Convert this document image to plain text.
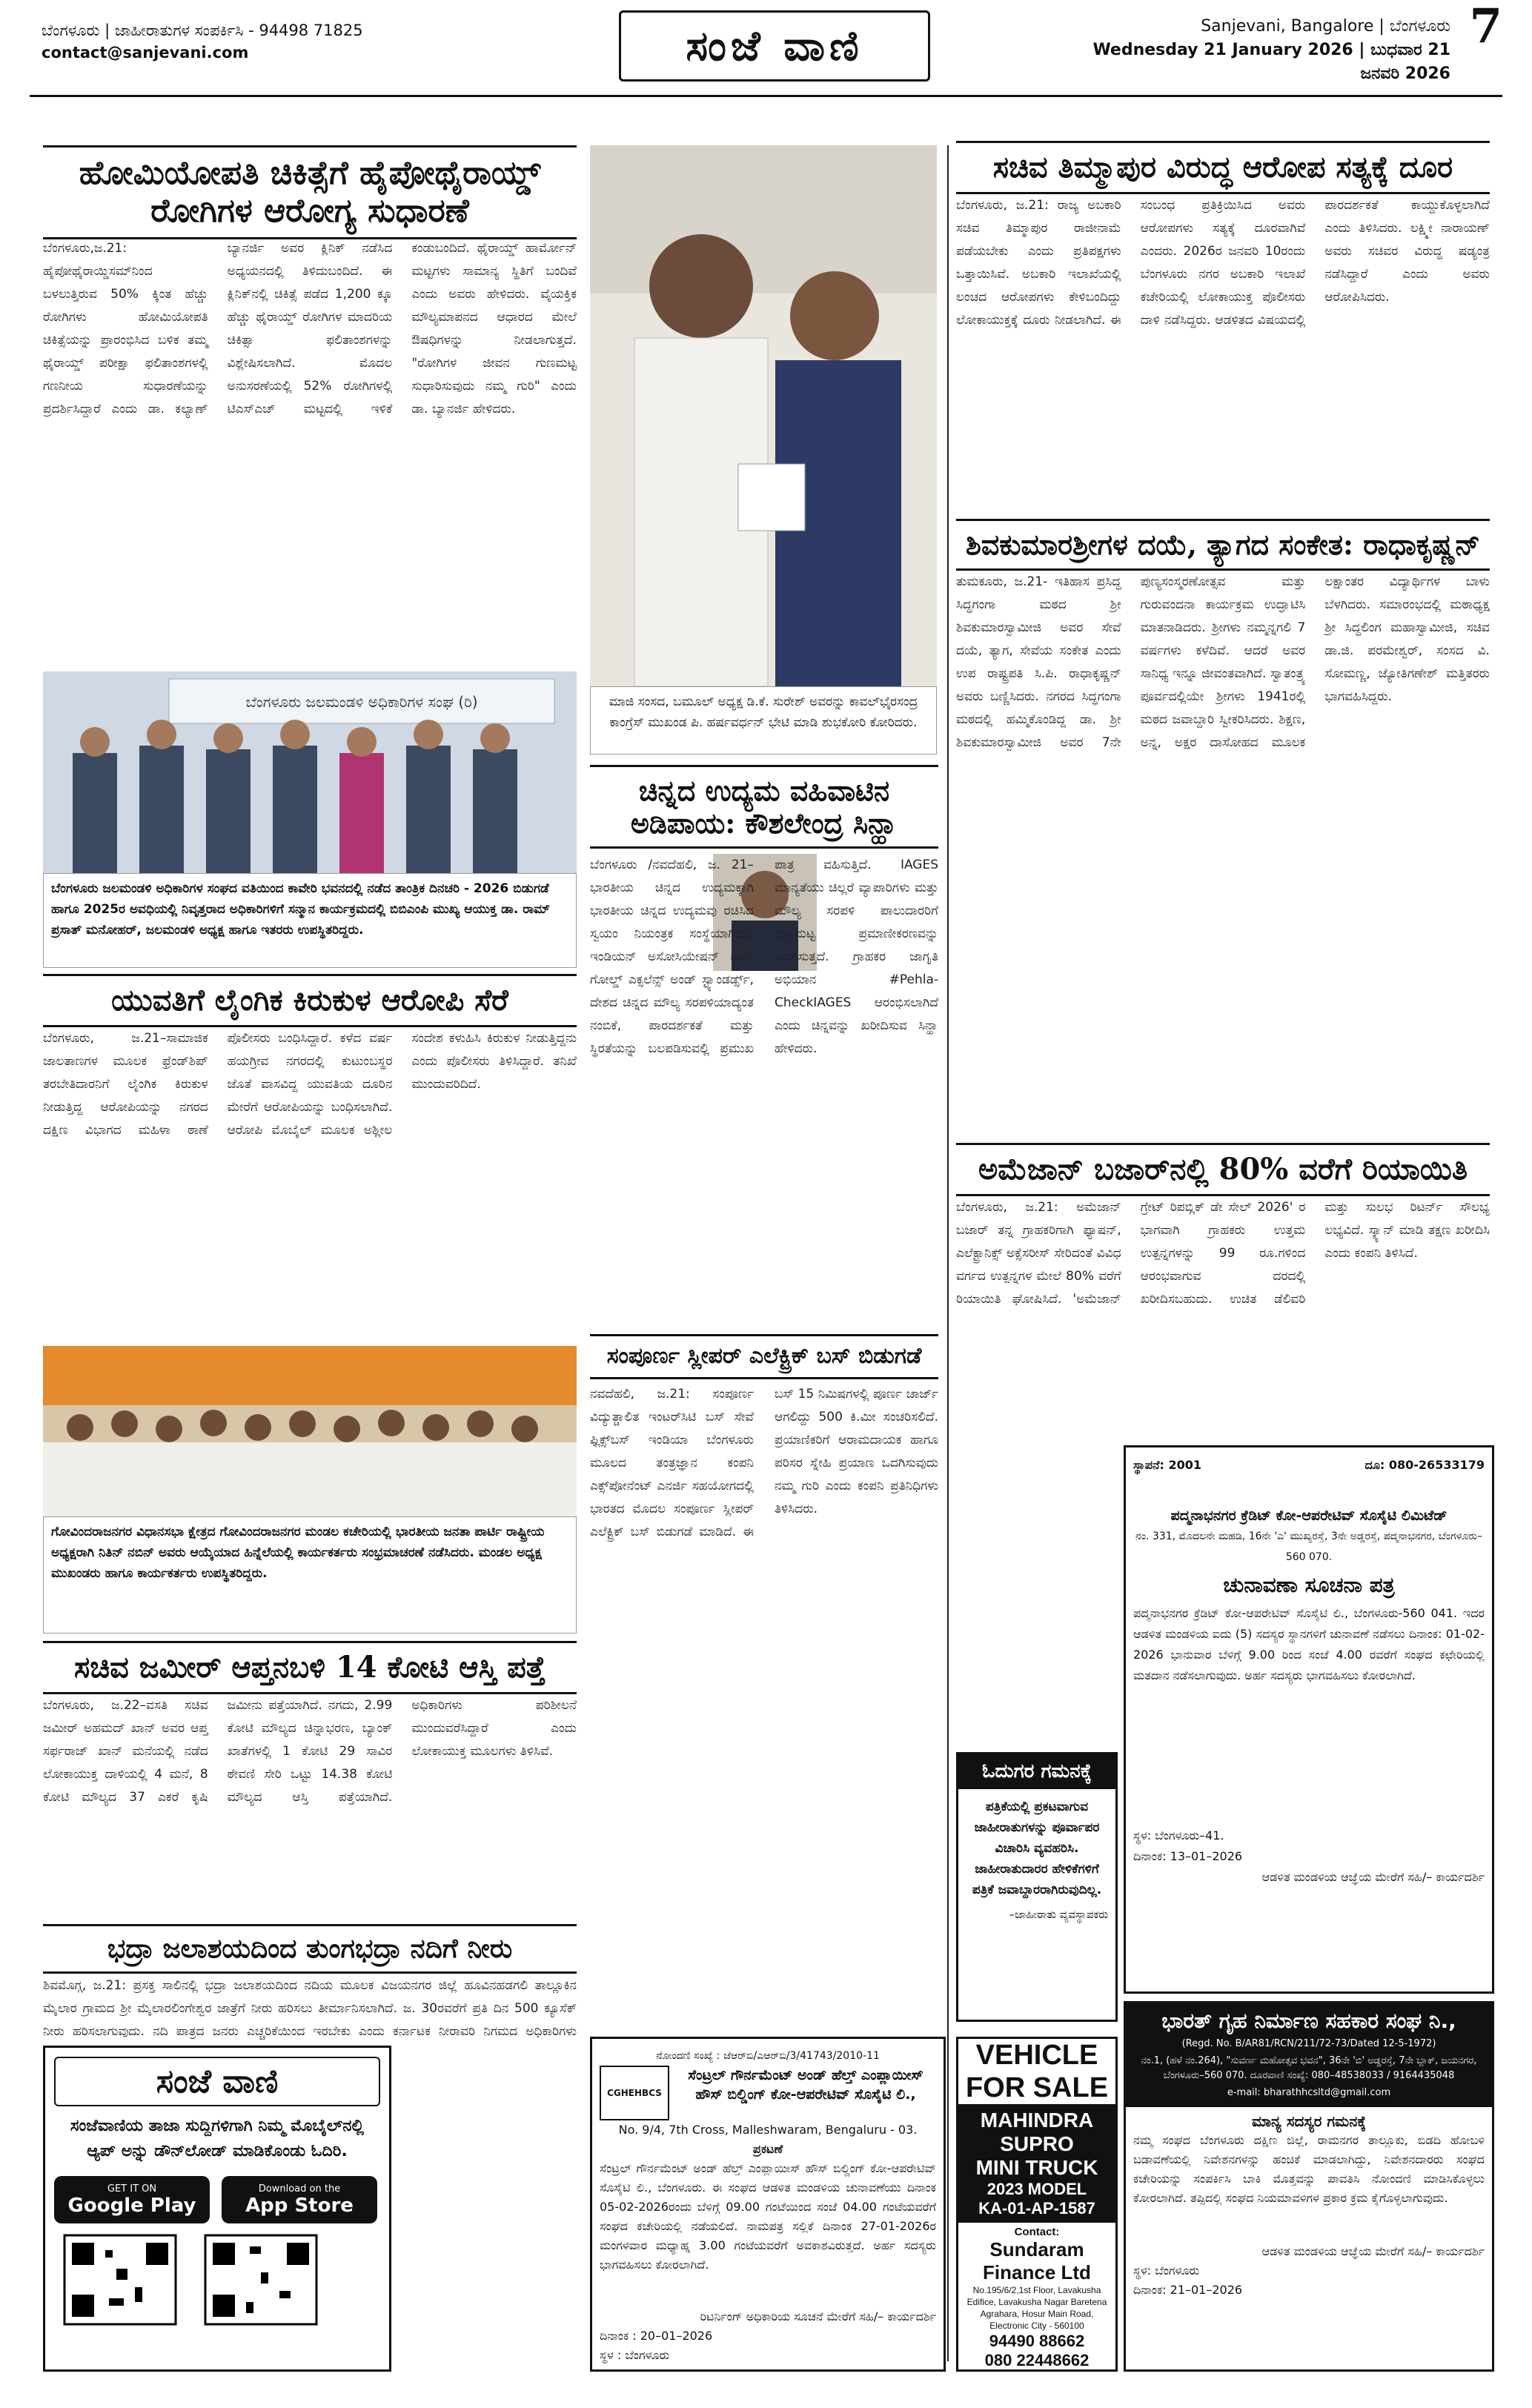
ಬೆಂಗಳೂರು | ಜಾಹೀರಾತುಗಳ ಸಂಪರ್ಕಿಸಿ - 94498 71825
contact@sanjevani.com	ಸಂಜೆ ವಾಣಿ	Sanjevani, Bangalore | ಬೆಂಗಳೂರು
Wednesday 21 January 2026 | ಬುಧವಾರ 21 ಜನವರಿ 2026
7
ಹೋಮಿಯೋಪತಿ ಚಿಕಿತ್ಸೆಗೆ ಹೈಪೋಥೈರಾಯ್ಡ್
ರೋಗಿಗಳ ಆರೋಗ್ಯ ಸುಧಾರಣೆ
ಬೆಂಗಳೂರು,ಜ.21: ಹೈಪೋಥೈರಾಯ್ಡಿಸಮ್‌ನಿಂದ ಬಳಲುತ್ತಿರುವ 50% ಕ್ಕಿಂತ ಹೆಚ್ಚು ರೋಗಿಗಳು ಹೋಮಿಯೋಪತಿ ಚಿಕಿತ್ಸೆಯನ್ನು ಪ್ರಾರಂಭಿಸಿದ ಬಳಿಕ ತಮ್ಮ ಥೈರಾಯ್ಡ್ ಪರೀಕ್ಷಾ ಫಲಿತಾಂಶಗಳಲ್ಲಿ ಗಣನೀಯ ಸುಧಾರಣೆಯನ್ನು ಪ್ರದರ್ಶಿಸಿದ್ದಾರೆ ಎಂದು ಡಾ. ಕಲ್ಯಾಣ್ ಬ್ಯಾನರ್ಜಿ ಅವರ ಕ್ಲಿನಿಕ್ ನಡೆಸಿದ ಅಧ್ಯಯನದಲ್ಲಿ ತಿಳಿದುಬಂದಿದೆ. ಈ ಕ್ಲಿನಿಕ್‌ನಲ್ಲಿ ಚಿಕಿತ್ಸೆ ಪಡೆದ 1,200 ಕ್ಕೂ ಹೆಚ್ಚು ಥೈರಾಯ್ಡ್ ರೋಗಿಗಳ ಮಾದರಿಯ ಚಿಕಿತ್ಸಾ ಫಲಿತಾಂಶಗಳನ್ನು ವಿಶ್ಲೇಷಿಸಲಾಗಿದೆ. ಮೊದಲ ಅನುಸರಣೆಯಲ್ಲಿ 52% ರೋಗಿಗಳಲ್ಲಿ ಟಿಎಸ್‌ಎಚ್ ಮಟ್ಟದಲ್ಲಿ ಇಳಿಕೆ ಕಂಡುಬಂದಿದೆ. ಥೈರಾಯ್ಡ್ ಹಾರ್ಮೋನ್ ಮಟ್ಟಗಳು ಸಾಮಾನ್ಯ ಸ್ಥಿತಿಗೆ ಬಂದಿವೆ ಎಂದು ಅವರು ಹೇಳಿದರು. ವೈಯಕ್ತಿಕ ಮೌಲ್ಯಮಾಪನದ ಆಧಾರದ ಮೇಲೆ ಔಷಧಿಗಳನ್ನು ನೀಡಲಾಗುತ್ತದೆ. "ರೋಗಿಗಳ ಜೀವನ ಗುಣಮಟ್ಟ ಸುಧಾರಿಸುವುದು ನಮ್ಮ ಗುರಿ" ಎಂದು ಡಾ. ಬ್ಯಾನರ್ಜಿ ಹೇಳಿದರು.
ಮಾಜಿ ಸಂಸದ, ಬಮೂಲ್ ಅಧ್ಯಕ್ಷ ಡಿ.ಕೆ. ಸುರೇಶ್ ಅವರನ್ನು ಕಾವಲ್‌ಭೈರಸಂದ್ರ ಕಾಂಗ್ರೆಸ್ ಮುಖಂಡ ಪಿ. ಹರ್ಷವರ್ಧನ್ ಭೇಟಿ ಮಾಡಿ ಶುಭಕೋರಿ ಕೋರಿದರು.
ಸಚಿವ ತಿಮ್ಮಾಪುರ ವಿರುದ್ಧ ಆರೋಪ ಸತ್ಯಕ್ಕೆ ದೂರ
ಬೆಂಗಳೂರು, ಜ.21: ರಾಜ್ಯ ಅಬಕಾರಿ ಸಚಿವ ತಿಮ್ಮಾಪುರ ರಾಜೀನಾಮೆ ಪಡೆಯಬೇಕು ಎಂದು ಪ್ರತಿಪಕ್ಷಗಳು ಒತ್ತಾಯಿಸಿವೆ. ಅಬಕಾರಿ ಇಲಾಖೆಯಲ್ಲಿ ಲಂಚದ ಆರೋಪಗಳು ಕೇಳಿಬಂದಿದ್ದು ಲೋಕಾಯುಕ್ತಕ್ಕೆ ದೂರು ನೀಡಲಾಗಿದೆ. ಈ ಸಂಬಂಧ ಪ್ರತಿಕ್ರಿಯಿಸಿದ ಅವರು ಆರೋಪಗಳು ಸತ್ಯಕ್ಕೆ ದೂರವಾಗಿವೆ ಎಂದರು. 2026ರ ಜನವರಿ 10ರಂದು ಬೆಂಗಳೂರು ನಗರ ಅಬಕಾರಿ ಇಲಾಖೆ ಕಚೇರಿಯಲ್ಲಿ ಲೋಕಾಯುಕ್ತ ಪೊಲೀಸರು ದಾಳಿ ನಡೆಸಿದ್ದರು. ಆಡಳಿತದ ವಿಷಯದಲ್ಲಿ ಪಾರದರ್ಶಕತೆ ಕಾಯ್ದುಕೊಳ್ಳಲಾಗಿದೆ ಎಂದು ತಿಳಿಸಿದರು. ಲಕ್ಷ್ಮೀ ನಾರಾಯಣ್ ಅವರು ಸಚಿವರ ವಿರುದ್ಧ ಷಡ್ಯಂತ್ರ ನಡೆಸಿದ್ದಾರೆ ಎಂದು ಅವರು ಆರೋಪಿಸಿದರು.
ಶಿವಕುಮಾರಶ್ರೀಗಳ ದಯೆ, ತ್ಯಾಗದ ಸಂಕೇತ: ರಾಧಾಕೃಷ್ಣನ್
ತುಮಕೂರು, ಜ.21- ಇತಿಹಾಸ ಪ್ರಸಿದ್ಧ ಸಿದ್ಧಗಂಗಾ ಮಠದ ಶ್ರೀ ಶಿವಕುಮಾರಸ್ವಾಮೀಜಿ ಅವರ ಸೇವೆ ದಯೆ, ತ್ಯಾಗ, ಸೇವೆಯ ಸಂಕೇತ ಎಂದು ಉಪ ರಾಷ್ಟ್ರಪತಿ ಸಿ.ಪಿ. ರಾಧಾಕೃಷ್ಣನ್ ಅವರು ಬಣ್ಣಿಸಿದರು. ನಗರದ ಸಿದ್ಧಗಂಗಾ ಮಠದಲ್ಲಿ ಹಮ್ಮಿಕೊಂಡಿದ್ದ ಡಾ. ಶ್ರೀ ಶಿವಕುಮಾರಸ್ವಾಮೀಜಿ ಅವರ 7ನೇ ಪುಣ್ಯಸಂಸ್ಮರಣೋತ್ಸವ ಮತ್ತು ಗುರುವಂದನಾ ಕಾರ್ಯಕ್ರಮ ಉದ್ಘಾಟಿಸಿ ಮಾತನಾಡಿದರು. ಶ್ರೀಗಳು ನಮ್ಮನ್ನಗಲಿ 7 ವರ್ಷಗಳು ಕಳೆದಿವೆ. ಆದರೆ ಅವರ ಸಾನಿಧ್ಯ ಇನ್ನೂ ಜೀವಂತವಾಗಿದೆ. ಸ್ವಾತಂತ್ರ್ಯ ಪೂರ್ವದಲ್ಲಿಯೇ ಶ್ರೀಗಳು 1941ರಲ್ಲಿ ಮಠದ ಜವಾಬ್ದಾರಿ ಸ್ವೀಕರಿಸಿದರು. ಶಿಕ್ಷಣ, ಅನ್ನ, ಅಕ್ಷರ ದಾಸೋಹದ ಮೂಲಕ ಲಕ್ಷಾಂತರ ವಿದ್ಯಾರ್ಥಿಗಳ ಬಾಳು ಬೆಳಗಿದರು. ಸಮಾರಂಭದಲ್ಲಿ ಮಠಾಧ್ಯಕ್ಷ ಶ್ರೀ ಸಿದ್ಧಲಿಂಗ ಮಹಾಸ್ವಾಮೀಜಿ, ಸಚಿವ ಡಾ.ಜಿ. ಪರಮೇಶ್ವರ್, ಸಂಸದ ವಿ. ಸೋಮಣ್ಣ, ಜ್ಯೋತಿಗಣೇಶ್ ಮತ್ತಿತರರು ಭಾಗವಹಿಸಿದ್ದರು.
ಬೆಂಗಳೂರು ಜಲಮಂಡಳಿ ಅಧಿಕಾರಿಗಳ ಸಂಘ (ರಿ)
ಬೆಂಗಳೂರು ಜಲಮಂಡಳಿ ಅಧಿಕಾರಿಗಳ ಸಂಘದ ವತಿಯಿಂದ ಕಾವೇರಿ ಭವನದಲ್ಲಿ ನಡೆದ ತಾಂತ್ರಿಕ ದಿನಚರಿ - 2026 ಬಿಡುಗಡೆ ಹಾಗೂ 2025ರ ಅವಧಿಯಲ್ಲಿ ನಿವೃತ್ತರಾದ ಅಧಿಕಾರಿಗಳಿಗೆ ಸನ್ಮಾನ ಕಾರ್ಯಕ್ರಮದಲ್ಲಿ ಬಿಬಿಎಂಪಿ ಮುಖ್ಯ ಆಯುಕ್ತ ಡಾ. ರಾಮ್ ಪ್ರಸಾತ್ ಮನೋಹರ್, ಜಲಮಂಡಳಿ ಅಧ್ಯಕ್ಷ ಹಾಗೂ ಇತರರು ಉಪಸ್ಥಿತರಿದ್ದರು.
ಚಿನ್ನದ ಉದ್ಯಮ ವಹಿವಾಟಿನ
ಅಡಿಪಾಯ: ಕೌಶಲೇಂದ್ರ ಸಿನ್ಹಾ
ಬೆಂಗಳೂರು /ನವದೆಹಲಿ, ಜ. 21– ಭಾರತೀಯ ಚಿನ್ನದ ಉದ್ಯಮಕ್ಕಾಗಿ ಭಾರತೀಯ ಚಿನ್ನದ ಉದ್ಯಮವು ರಚಿಸಿದ ಸ್ವಯಂ ನಿಯಂತ್ರಕ ಸಂಸ್ಥೆಯಾಗಿರುವ ಇಂಡಿಯನ್ ಅಸೋಸಿಯೇಷನ್ ಫಾರ್ ಗೋಲ್ಡ್ ಎಕ್ಸಲೆನ್ಸ್ ಅಂಡ್ ಸ್ಟ್ಯಾಂಡರ್ಡ್ಸ್, ದೇಶದ ಚಿನ್ನದ ಮೌಲ್ಯ ಸರಪಳಿಯಾದ್ಯಂತ ನಂಬಿಕೆ, ಪಾರದರ್ಶಕತೆ ಮತ್ತು ಸ್ಥಿರತೆಯನ್ನು ಬಲಪಡಿಸುವಲ್ಲಿ ಪ್ರಮುಖ ಪಾತ್ರ ವಹಿಸುತ್ತಿದೆ. IAGES ಮಾನ್ಯತೆಯು ಚಿಲ್ಲರೆ ವ್ಯಾಪಾರಿಗಳು ಮತ್ತು ಮೌಲ್ಯ ಸರಪಳಿ ಪಾಲುದಾರರಿಗೆ ಗುಣಮಟ್ಟ ಪ್ರಮಾಣೀಕರಣವನ್ನು ಒದಗಿಸುತ್ತದೆ. ಗ್ರಾಹಕರ ಜಾಗೃತಿ ಅಭಿಯಾನ #Pehla-CheckIAGES ಆರಂಭಿಸಲಾಗಿದೆ ಎಂದು ಚಿನ್ನವನ್ನು ಖರೀದಿಸುವ ಸಿನ್ಹಾ ಹೇಳಿದರು.
ಯುವತಿಗೆ ಲೈಂಗಿಕ ಕಿರುಕುಳ ಆರೋಪಿ ಸೆರೆ
ಬೆಂಗಳೂರು, ಜ.21–ಸಾಮಾಜಿಕ ಜಾಲತಾಣಗಳ ಮೂಲಕ ಫ್ರೆಂಡ್‌ಶಿಪ್ ತರಬೇತಿದಾರನಿಗೆ ಲೈಂಗಿಕ ಕಿರುಕುಳ ನೀಡುತ್ತಿದ್ದ ಆರೋಪಿಯನ್ನು ನಗರದ ದಕ್ಷಿಣ ವಿಭಾಗದ ಮಹಿಳಾ ಠಾಣೆ ಪೊಲೀಸರು ಬಂಧಿಸಿದ್ದಾರೆ. ಕಳೆದ ವರ್ಷ ಹಯಗ್ರೀವ ನಗರದಲ್ಲಿ ಕುಟುಂಬಸ್ಥರ ಜೊತೆ ವಾಸವಿದ್ದ ಯುವತಿಯ ದೂರಿನ ಮೇರೆಗೆ ಆರೋಪಿಯನ್ನು ಬಂಧಿಸಲಾಗಿದೆ. ಆರೋಪಿ ಮೊಬೈಲ್ ಮೂಲಕ ಅಶ್ಲೀಲ ಸಂದೇಶ ಕಳುಹಿಸಿ ಕಿರುಕುಳ ನೀಡುತ್ತಿದ್ದನು ಎಂದು ಪೊಲೀಸರು ತಿಳಿಸಿದ್ದಾರೆ. ತನಿಖೆ ಮುಂದುವರಿದಿದೆ.
ಗೋವಿಂದರಾಜನಗರ ವಿಧಾನಸಭಾ ಕ್ಷೇತ್ರದ ಗೋವಿಂದರಾಜನಗರ ಮಂಡಲ ಕಚೇರಿಯಲ್ಲಿ ಭಾರತೀಯ ಜನತಾ ಪಾರ್ಟಿ ರಾಷ್ಟ್ರೀಯ ಅಧ್ಯಕ್ಷರಾಗಿ ನಿತಿನ್ ನಬಿನ್ ಅವರು ಆಯ್ಕೆಯಾದ ಹಿನ್ನೆಲೆಯಲ್ಲಿ ಕಾರ್ಯಕರ್ತರು ಸಂಭ್ರಮಾಚರಣೆ ನಡೆಸಿದರು. ಮಂಡಲ ಅಧ್ಯಕ್ಷ ಮುಖಂಡರು ಹಾಗೂ ಕಾರ್ಯಕರ್ತರು ಉಪಸ್ಥಿತರಿದ್ದರು.
ಸಚಿವ ಜಮೀರ್ ಆಪ್ತನಬಳಿ 14 ಕೋಟಿ ಆಸ್ತಿ ಪತ್ತೆ
ಬೆಂಗಳೂರು, ಜ.22–ವಸತಿ ಸಚಿವ ಜಮೀರ್ ಅಹಮದ್ ಖಾನ್ ಅವರ ಆಪ್ತ ಸರ್ಫರಾಜ್ ಖಾನ್ ಮನೆಯಲ್ಲಿ ನಡೆದ ಲೋಕಾಯುಕ್ತ ದಾಳಿಯಲ್ಲಿ 4 ಮನೆ, 8 ಕೋಟಿ ಮೌಲ್ಯದ 37 ಎಕರೆ ಕೃಷಿ ಜಮೀನು ಪತ್ತೆಯಾಗಿದೆ. ನಗದು, 2.99 ಕೋಟಿ ಮೌಲ್ಯದ ಚಿನ್ನಾಭರಣ, ಬ್ಯಾಂಕ್ ಖಾತೆಗಳಲ್ಲಿ 1 ಕೋಟಿ 29 ಸಾವಿರ ಠೇವಣಿ ಸೇರಿ ಒಟ್ಟು 14.38 ಕೋಟಿ ಮೌಲ್ಯದ ಆಸ್ತಿ ಪತ್ತೆಯಾಗಿದೆ. ಅಧಿಕಾರಿಗಳು ಪರಿಶೀಲನೆ ಮುಂದುವರೆಸಿದ್ದಾರೆ ಎಂದು ಲೋಕಾಯುಕ್ತ ಮೂಲಗಳು ತಿಳಿಸಿವೆ.
ಭದ್ರಾ ಜಲಾಶಯದಿಂದ ತುಂಗಭದ್ರಾ ನದಿಗೆ ನೀರು
ಶಿವಮೊಗ್ಗ, ಜ.21: ಪ್ರಸಕ್ತ ಸಾಲಿನಲ್ಲಿ ಭದ್ರಾ ಜಲಾಶಯದಿಂದ ನದಿಯ ಮೂಲಕ ವಿಜಯನಗರ ಜಿಲ್ಲೆ ಹೂವಿನಹಡಗಲಿ ತಾಲ್ಲೂಕಿನ ಮೈಲಾರ ಗ್ರಾಮದ ಶ್ರೀ ಮೈಲಾರಲಿಂಗೇಶ್ವರ ಜಾತ್ರೆಗೆ ನೀರು ಹರಿಸಲು ತೀರ್ಮಾನಿಸಲಾಗಿದೆ. ಜ. 30ರವರೆಗೆ ಪ್ರತಿ ದಿನ 500 ಕ್ಯೂಸೆಕ್ ನೀರು ಹರಿಸಲಾಗುವುದು. ನದಿ ಪಾತ್ರದ ಜನರು ಎಚ್ಚರಿಕೆಯಿಂದ ಇರಬೇಕು ಎಂದು ಕರ್ನಾಟಕ ನೀರಾವರಿ ನಿಗಮದ ಅಧಿಕಾರಿಗಳು
ಸಂಜೆ ವಾಣಿ
ಸಂಜೆವಾಣಿಯ ತಾಜಾ ಸುದ್ದಿಗಳಿಗಾಗಿ ನಿಮ್ಮ ಮೊಬೈಲ್‌ನಲ್ಲಿ ಆ್ಯಪ್ ಅನ್ನು ಡೌನ್‌ಲೋಡ್ ಮಾಡಿಕೊಂಡು ಓದಿರಿ.
GET IT ON
Google Play
Download on the
App Store
ನೋಂದಣಿ ಸಂಖ್ಯೆ : ಜೆಆರ್‌ಬಿ/ಎಆರ್‌ಬಿ/3/41743/2010-11
CGHEHBCS
ಸೆಂಟ್ರಲ್ ಗೌರ್ನಮೆಂಟ್ ಅಂಡ್ ಹೆಲ್ತ್ ಎಂಪ್ಲಾಯೀಸ್ ಹೌಸ್ ಬಿಲ್ಡಿಂಗ್ ಕೋ-ಆಪರೇಟಿವ್ ಸೊಸೈಟಿ ಲಿ.,
No. 9/4, 7th Cross, Malleshwaram, Bengaluru - 03.
ಪ್ರಕಟಣೆ
ಸೆಂಟ್ರಲ್ ಗೌರ್ನಮೆಂಟ್ ಅಂಡ್ ಹೆಲ್ತ್ ಎಂಪ್ಲಾಯೀಸ್ ಹೌಸ್ ಬಿಲ್ಡಿಂಗ್ ಕೋ-ಆಪರೇಟಿವ್ ಸೊಸೈಟಿ ಲಿ., ಬೆಂಗಳೂರು. ಈ ಸಂಘದ ಆಡಳಿತ ಮಂಡಳಿಯ ಚುನಾವಣೆಯು ದಿನಾಂಕ 05-02-2026ರಂದು ಬೆಳಿಗ್ಗೆ 09.00 ಗಂಟೆಯಿಂದ ಸಂಜೆ 04.00 ಗಂಟೆಯವರೆಗೆ ಸಂಘದ ಕಚೇರಿಯಲ್ಲಿ ನಡೆಯಲಿದೆ. ನಾಮಪತ್ರ ಸಲ್ಲಿಕೆ ದಿನಾಂಕ 27-01-2026ರ ಮಂಗಳವಾರ ಮಧ್ಯಾಹ್ನ 3.00 ಗಂಟೆಯವರೆಗೆ ಅವಕಾಶವಿರುತ್ತದೆ. ಅರ್ಹ ಸದಸ್ಯರು ಭಾಗವಹಿಸಲು ಕೋರಲಾಗಿದೆ.
ರಿಟರ್ನಿಂಗ್ ಅಧಿಕಾರಿಯ ಸೂಚನೆ ಮೇರೆಗೆ ಸಹಿ/– ಕಾರ್ಯದರ್ಶಿ
ದಿನಾಂಕ : 20–01–2026
ಸ್ಥಳ : ಬೆಂಗಳೂರು
ಅಮೆಜಾನ್ ಬಜಾರ್‌ನಲ್ಲಿ 80% ವರೆಗೆ ರಿಯಾಯಿತಿ
ಬೆಂಗಳೂರು, ಜ.21: ಅಮೆಜಾನ್ ಬಜಾರ್ ತನ್ನ ಗ್ರಾಹಕರಿಗಾಗಿ ಫ್ಯಾಷನ್, ಎಲೆಕ್ಟ್ರಾನಿಕ್ಸ್ ಅಕ್ಸೆಸರೀಸ್ ಸೇರಿದಂತೆ ವಿವಿಧ ವರ್ಗದ ಉತ್ಪನ್ನಗಳ ಮೇಲೆ 80% ವರೆಗೆ ರಿಯಾಯಿತಿ ಘೋಷಿಸಿದೆ. 'ಅಮೆಜಾನ್ ಗ್ರೇಟ್ ರಿಪಬ್ಲಿಕ್ ಡೇ ಸೇಲ್ 2026' ರ ಭಾಗವಾಗಿ ಗ್ರಾಹಕರು ಉತ್ತಮ ಉತ್ಪನ್ನಗಳನ್ನು 99 ರೂ.ಗಳಿಂದ ಆರಂಭವಾಗುವ ದರದಲ್ಲಿ ಖರೀದಿಸಬಹುದು. ಉಚಿತ ಡೆಲಿವರಿ ಮತ್ತು ಸುಲಭ ರಿಟರ್ನ್ ಸೌಲಭ್ಯ ಲಭ್ಯವಿದೆ. ಸ್ಕ್ಯಾನ್ ಮಾಡಿ ತಕ್ಷಣ ಖರೀದಿಸಿ ಎಂದು ಕಂಪನಿ ತಿಳಿಸಿದೆ.
ಸಂಪೂರ್ಣ ಸ್ಲೀಪರ್ ಎಲೆಕ್ಟ್ರಿಕ್ ಬಸ್ ಬಿಡುಗಡೆ
ನವದೆಹಲಿ, ಜ.21: ಸಂಪೂರ್ಣ ವಿದ್ಯುತ್ಚಾಲಿತ ಇಂಟರ್‌ಸಿಟಿ ಬಸ್ ಸೇವೆ ಫ್ಲಿಕ್ಸ್‌ಬಸ್ ಇಂಡಿಯಾ ಬೆಂಗಳೂರು ಮೂಲದ ತಂತ್ರಜ್ಞಾನ ಕಂಪನಿ ಎಕ್ಸ್‌ಪೋನೆಂಟ್ ಎನರ್ಜಿ ಸಹಯೋಗದಲ್ಲಿ ಭಾರತದ ಮೊದಲ ಸಂಪೂರ್ಣ ಸ್ಲೀಪರ್ ಎಲೆಕ್ಟ್ರಿಕ್ ಬಸ್ ಬಿಡುಗಡೆ ಮಾಡಿದೆ. ಈ ಬಸ್ 15 ನಿಮಿಷಗಳಲ್ಲಿ ಪೂರ್ಣ ಚಾರ್ಜ್ ಆಗಲಿದ್ದು 500 ಕಿ.ಮೀ ಸಂಚರಿಸಲಿದೆ. ಪ್ರಯಾಣಿಕರಿಗೆ ಆರಾಮದಾಯಕ ಹಾಗೂ ಪರಿಸರ ಸ್ನೇಹಿ ಪ್ರಯಾಣ ಒದಗಿಸುವುದು ನಮ್ಮ ಗುರಿ ಎಂದು ಕಂಪನಿ ಪ್ರತಿನಿಧಿಗಳು ತಿಳಿಸಿದರು.
ಸ್ಥಾಪನೆ: 2001	ದೂ: 080-26533179
ಪದ್ಮನಾಭನಗರ ಕ್ರೆಡಿಟ್ ಕೋ-ಆಪರೇಟಿವ್ ಸೊಸೈಟಿ ಲಿಮಿಟೆಡ್
ನಂ. 331, ಮೊದಲನೇ ಮಹಡಿ, 16ನೇ 'ಎ' ಮುಖ್ಯರಸ್ತೆ, 3ನೇ ಅಡ್ಡರಸ್ತೆ, ಪದ್ಮನಾಭನಗರ, ಬೆಂಗಳೂರು–560 070.
ಚುನಾವಣಾ ಸೂಚನಾ ಪತ್ರ
ಪದ್ಮನಾಭನಗರ ಕ್ರೆಡಿಟ್ ಕೋ-ಆಪರೇಟಿವ್ ಸೊಸೈಟಿ ಲಿ., ಬೆಂಗಳೂರು-560 041. ಇದರ ಆಡಳಿತ ಮಂಡಳಿಯ ಐದು (5) ಸದಸ್ಯರ ಸ್ಥಾನಗಳಿಗೆ ಚುನಾವಣೆ ನಡೆಸಲು ದಿನಾಂಕ: 01-02-2026 ಭಾನುವಾರ ಬೆಳಿಗ್ಗೆ 9.00 ರಿಂದ ಸಂಜೆ 4.00 ರವರೆಗೆ ಸಂಘದ ಕಛೇರಿಯಲ್ಲಿ ಮತದಾನ ನಡೆಸಲಾಗುವುದು. ಅರ್ಹ ಸದಸ್ಯರು ಭಾಗವಹಿಸಲು ಕೋರಲಾಗಿದೆ.
ಸ್ಥಳ: ಬೆಂಗಳೂರು–41.
ದಿನಾಂಕ: 13–01–2026
ಆಡಳಿತ ಮಂಡಳಿಯ ಆಜ್ಞೆಯ ಮೇರೆಗೆ ಸಹಿ/– ಕಾರ್ಯದರ್ಶಿ
ಓದುಗರ ಗಮನಕ್ಕೆ
ಪತ್ರಿಕೆಯಲ್ಲಿ ಪ್ರಕಟವಾಗುವ ಜಾಹೀರಾತುಗಳನ್ನು ಪೂರ್ವಾಪರ ವಿಚಾರಿಸಿ ವ್ಯವಹರಿಸಿ. ಜಾಹೀರಾತುದಾರರ ಹೇಳಿಕೆಗಳಿಗೆ ಪತ್ರಿಕೆ ಜವಾಬ್ದಾರರಾಗಿರುವುದಿಲ್ಲ.
–ಜಾಹೀರಾತು ವ್ಯವಸ್ಥಾಪಕರು
VEHICLE
FOR SALE
MAHINDRA
SUPRO
MINI TRUCK
2023 MODEL
KA-01-AP-1587
Contact:
Sundaram
Finance Ltd
No.195/6/2,1st Floor, Lavakusha Edifice, Lavakusha Nagar Baretena Agrahara, Hosur Main Road, Electronic City - 560100
94490 88662
080 22448662
ಭಾರತ್ ಗೃಹ ನಿರ್ಮಾಣ ಸಹಕಾರ ಸಂಘ ನಿ.,
(Regd. No. B/AR81/RCN/211/72-73/Dated 12-5-1972)
ನಂ.1, (ಹಳೆ ನಂ.264), "ಸುವರ್ಣ ಮಹೋತ್ಸವ ಭವನ", 36ನೇ 'ಬಿ' ಅಡ್ಡರಸ್ತೆ, 7ನೇ ಬ್ಲಾಕ್, ಜಯನಗರ, ಬೆಂಗಳೂರು–560 070. ದೂರವಾಣಿ ಸಂಖ್ಯೆ: 080–48538033 / 9164435048
e-mail: bharathhcsltd@gmail.com
ಮಾನ್ಯ ಸದಸ್ಯರ ಗಮನಕ್ಕೆ
ನಮ್ಮ ಸಂಘದ ಬೆಂಗಳೂರು ದಕ್ಷಿಣ ಜಿಲ್ಲೆ, ರಾಮನಗರ ತಾಲ್ಲೂಕು, ಬಿಡದಿ ಹೋಬಳಿ ಬಡಾವಣೆಯಲ್ಲಿ ನಿವೇಶನಗಳನ್ನು ಹಂಚಿಕೆ ಮಾಡಲಾಗಿದ್ದು, ನಿವೇಶನದಾರರು ಸಂಘದ ಕಚೇರಿಯನ್ನು ಸಂಪರ್ಕಿಸಿ ಬಾಕಿ ಮೊತ್ತವನ್ನು ಪಾವತಿಸಿ ನೋಂದಣಿ ಮಾಡಿಸಿಕೊಳ್ಳಲು ಕೋರಲಾಗಿದೆ. ತಪ್ಪಿದಲ್ಲಿ ಸಂಘದ ನಿಯಮಾವಳಿಗಳ ಪ್ರಕಾರ ಕ್ರಮ ಕೈಗೊಳ್ಳಲಾಗುವುದು.
ಆಡಳಿತ ಮಂಡಳಿಯ ಆಜ್ಞೆಯ ಮೇರೆಗೆ ಸಹಿ/– ಕಾರ್ಯದರ್ಶಿ
ಸ್ಥಳ: ಬೆಂಗಳೂರು
ದಿನಾಂಕ: 21–01–2026
